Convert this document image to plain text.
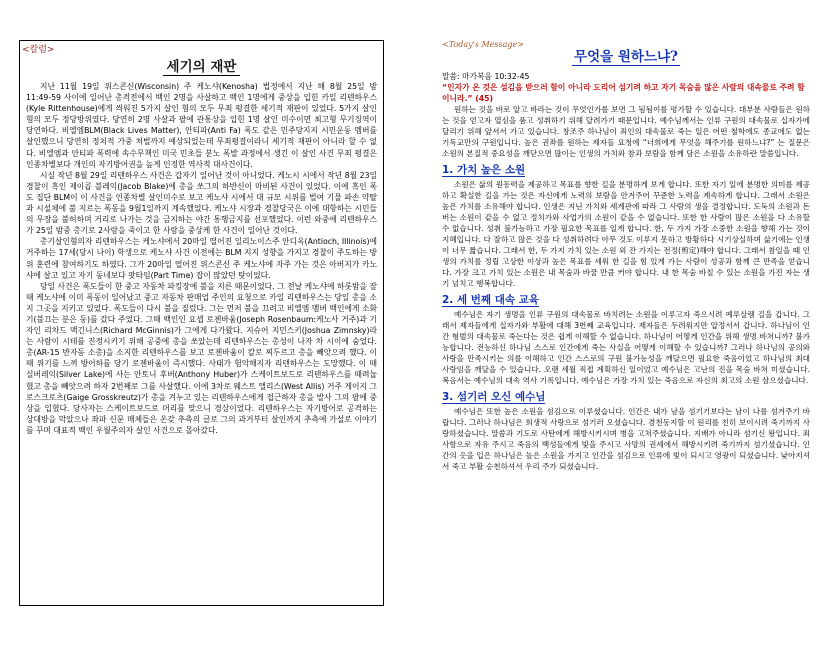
<칼럼>
세기의 재판

지난 11월 19일 위스콘신(Wisconsin) 주 케노샤(Kenosha) 법정에서 지난 해 8월 25일 밤 11:49-59 사이에 일어난 총격전에서 백인 2명을 사살하고 백인 1명에게 중상을 입힌 카일 리텐하우스(Kyle Rittenhouse)에게 씌워진 5가지 살인 혐의 모두 무죄 평결한 세기적 재판이 있었다. 5가지 살인 혐의 모두 정당방위였다. 당연히 2명 사살과 팔에 관통상을 입힌 1명 살인 미수이면 최고형 무기징역이 당연하다. 비엘엠BLM(Black Lives Matter), 안티파(Anti Fa) 폭도 같은 민주당지지 시민운동 멤버를 살인했으니 당연히 정치적 가중 처벌까지 예상되었는데 무죄평결이라니 세기적 재판이 아니라 할 수 없다. 비엘엠과 안티파 폭력에 속수무책인 미국 민초들 분노 폭발 과정에서 생긴 이 살인 사건 무죄 평결은 인종차별보다 개인의 자기방어권을 높게 인정한 역사적 대사건이다.

시실 작년 8월 29일 리텐하우스 사건은 갑자기 일어난 것이 아니었다. 케노시 시에서 작년 8월 23일 경찰이 흑인 제이콥 블레익(Jacob Blake)에 총을 쏘그의 하반신이 마비된 사건이 있었다. 이에 흑인 폭도 집단 BLM이 이 사건을 인종차별 살인미수로 보고 케노샤 시에서 대 규모 시위를 벌여 기물 파손 약탈과 시설체에 불 지르는 폭동을 9월1일까지 계속했었다. 케노샤 시장과 경찰당국은 이에 대항하는 시민들의 무장을 불허하며 거리로 나가는 것을 금지하는 야간 통행금지를 선포했었다. 이런 와중에 리텐하우스가 25일 밤중 총기로 2사람을 죽이고 한 사람을 중상케 한 사건이 일어난 것이다.

총기살인혐의자 리텐하우스는 케노샤에서 20마일 떨어진 일리노이스주 안디옥(Antioch, Illinois)에 거주하는 17세(당시 나이) 학생으로 케노샤 사건 이전에는 BLM 지지 성향을 가지고 경찰이 주도하는 방위 훈련에 참여하기도 하였다. 그가 20마일 떨어진 위스콘신 주 케노샤에 자주 가는 것은 아버지가 카노샤에 살고 있고 자기 동네보다 팟타임(Part Time) 잡이 많았던 탓이었다.

당일 사건은 폭도들이 한 중고 자동차 파킹장에 불을 지른 때문이었다. 그 전날 케노샤에 하룻밤을 잘 때 케노샤에 이미 폭동이 일어났고 중고 자동차 판매업 주인의 요청으로 카일 리텐하우스는 당일 총을 소지 그곳을 지키고 있었다. 폭도들이 다시 불을 질렀다. 그는 먼저 불을 끄려고 비엘엠 멤버 백인에게 소화기(불끄는 분은 둥)를 갔다 주었다. 그때 백인인 요셉 로젠바움(Joseph Rosenbaum:케노사 거주)과 기자인 리차드 맥긴니스(Richard McGinnis)가 그에게 다가왔다. 지슈어 지민스키(Joshua Zimnsky)라는 사람이 시테를 진정시키기 위해 공중에 총을 쏘았는데 리텐하우스는 총성이 나자 차 시이에 숨었다. 총(AR-15 반자동 소총)을 소지한 리텐하우스를 보고 로젠바움이 칼로 찌두르고 총을 빼앗으려 했다. 이 때 위기를 느껴 방어하를 당기 로젠바움이 즉시했다. 사태가 험악해지자 리텐하우스는 도망했다. 이 때 실버레익(Silver Lake)에 사는 안토니 후버(Anthony Huber)가 스케이트보드로 리텐하우스를 때려눕혔고 총을 빼앗으려 하자 2번째로 그를 사살했다. 이에 3차로 웨스트 앨리스(West Allis) 거주 게이지 그로스크로츠(Gaige Grosskreutz)가 총을 겨누고 있는 리텐하우스에게 접근하자 총을 발사 그의 팔에 중상을 입혔다. 당사자는 스케이트보드로 머리를 맞으니 경상이었다. 리텐하우스는 자기방어로 공격하는 상대방을 막았으나 좌파 신문 매체들은 온갖 추측의 글로 그의 과거부터 살인까지 추측에 가설로 이야기를 꾸며 대표적 백인 우월주의자 살인 사건으로 몰아갔다.

<Today's Message>
무엇을 원하느냐?
말씀: 마가복음 10:32-45
“인자가 온 것은 섬김을 받으러 함이 아니라 도리어 섬기려 하고 자기 목숨을 많은 사람의 대속물로 주려 함이니라.” (45)

원하는 것을 바로 알고 바라는 것이 무엇인가를 보면 그 됨됨이를 평가할 수 있습니다. 대부분 사람들은 원하는 것을 얻고자 열심을 품고 성취하기 위해 달려가기 때문입니다. 예수님께서는 인류 구원의 대속물로 십자가에 달리기 위해 앞서서 가고 있습니다. 창조주 하나님이 죄인의 대속물로 죽는 일은 어떤 철학에도 종교에도 없는 기독교만의 구원입니다. 높은 권좌를 원하는 제자들 요청에 “너희에게 무엇을 해주기를 원하느냐?” 는 질문은 소원의 본질적 중요성을 깨닫으면 많이는 인생의 가치와 참과 보람을 함께 담은 소원을 소유하란 말씀입니다.

1. 가치 높은 소원

소원은 삶의 원동력을 제공하고 목표를 향한 길을 분명하게 보게 합니다. 또한 자기 일에 분명한 의미를 제공하고 확실한 길을 가는 것은 자신에게 노력의 보람을 안겨주어 꾸준한 노력을 계속하게 합니다. 그래서 소원은 높은 가치를 소유해야 합니다. 인생은 지닌 가치와 세계관에 따라 그 사람의 생을 결정합니다. 도둑의 소원과 돈 버는 소원이 같을 수 없고 정치가와 사업가의 소원이 같을 수 없습니다. 또한 한 사람이 많은 소원을 다 소유할 수 없습니다. 성취 불가능하고 가장 필요한 목표를 일게 합니다. 한, 두 가지 가장 소중한 소원을 향해 가는 것이 지혜입니다. 다 잘하고 많은 것을 다 성취하려다 아무 것도 이루지 못하고 방황하다 시기상실하며 삶기에는 인생이 너무 짧습니다. 그래서 한, 두 가지 가치 있는 소원 외 잔 가지는 전정(剪定)해야 합니다. 그래서 참일을 때 인생의 가치를 정립 고상한 이상과 높은 목표를 세워 한 길을 힘 있게 가는 사람이 성공과 함께 큰 만족을 얻습니다. 가장 크고 가치 있는 소원은 내 목숨과 바꿀 만큼 커야 합니다. 내 한 목숨 바칠 수 있는 소원을 가진 자는 생기 넘치고 행복합니다.

2. 세 번째 대속 교육

예수님은 자기 생명을 인류 구원의 대속물로 바치려는 소원을 이루고자 죽으시려 예루살렘 길을 갑니다. 그래서 제자들에게 십자가와 부활에 대해 3번째 교육입니다. 제자들은 두려워지만 압정서서 갑니다. 하나님이 인간 형벌의 대속물로 죽는다는 것은 쉽게 이해할 수 없습니다. 하나님이 어떻게 인간을 위해 생명 바쳐니까? 불가능합니다. 전능하신 하나님 스스로 인간에게 죽는 사실을 어떻게 이해할 수 있습니까? 그러나 하나님의 공의와 사랑을 만족시키는 의를 이해하고 인간 스스로의 구원 불가능성을 깨달으면 필요한 죽음이었고 하나님의 최대 사랑임을 깨달을 수 있습니다. 오랜 세월 직접 계획하신 일이었고 예수님은 고난의 진을 목숨 바쳐 미셨습니다. 복음서는 예수님의 대속 역사 기록입니다. 예수님은 가장 가치 있는 죽음으로 자신의 최고의 소원 삼으셨습니다.

3. 섬기러 오신 예수님

예수님은 또한 높은 소원을 섬김으로 이루셨습니다. 인간은 내가 남을 섬기기보다는 남이 나를 섬겨주기 바랍니다. 그러나 하나님은 희생적 사랑으로 섬기러 오셨습니다. 겸천동지할 이 원리를 친히 보이시려 죽기까지 사랑하셨습니다. 말씀과 기도로 사탄에게 해방시키시며 병을 고쳐주셨습니다. 지배가 아니라 섬기신 왕입니다. 죄 사함으로 자유 주시고 죽음의 백성들에게 빛을 주시고 사망의 권세에서 해방시키려 죽기까지 섬기셨습니다. 인간의 옷을 입은 하나님은 높은 소원을 가지고 인간을 섬김으로 인류에 빛이 되시고 영광이 되셨습니다. 낮아지셔서 죽고 부활 승천하셔서 우리 주가 되셨습니다.
